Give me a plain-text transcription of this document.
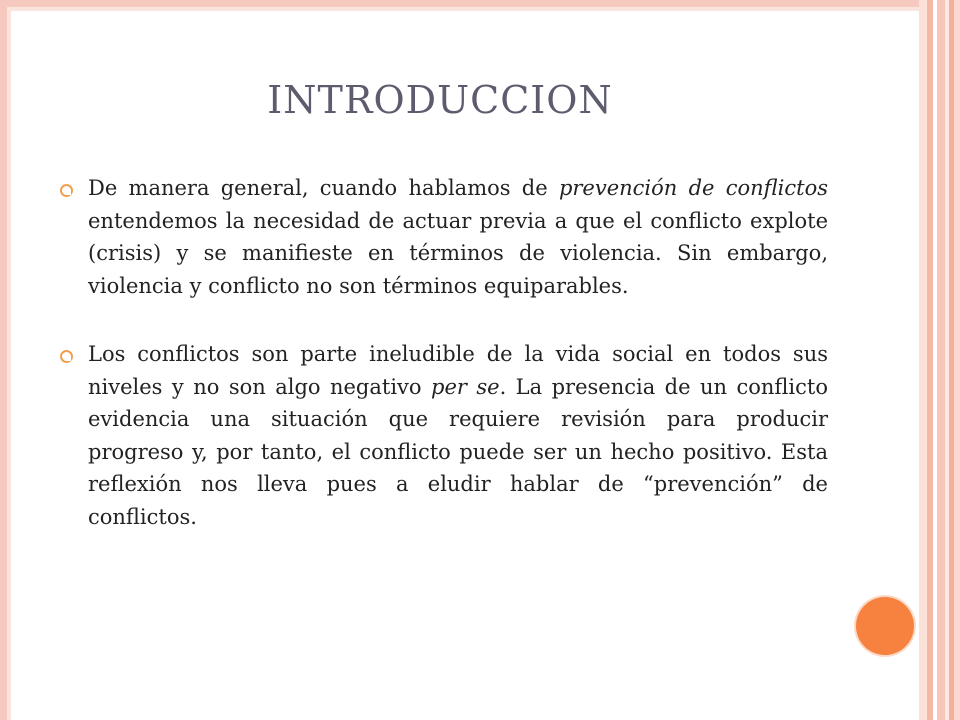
INTRODUCCION

De manera general, cuando hablamos de prevención de conflictos entendemos la necesidad de actuar previa a que el conflicto explote (crisis) y se manifieste en términos de violencia. Sin embargo, violencia y conflicto no son términos equiparables.

Los conflictos son parte ineludible de la vida social en todos sus niveles y no son algo negativo per se. La presencia de un conflicto evidencia una situación que requiere revisión para producir progreso y, por tanto, el conflicto puede ser un hecho positivo. Esta reflexión nos lleva pues a eludir hablar de “prevención” de conflictos.
